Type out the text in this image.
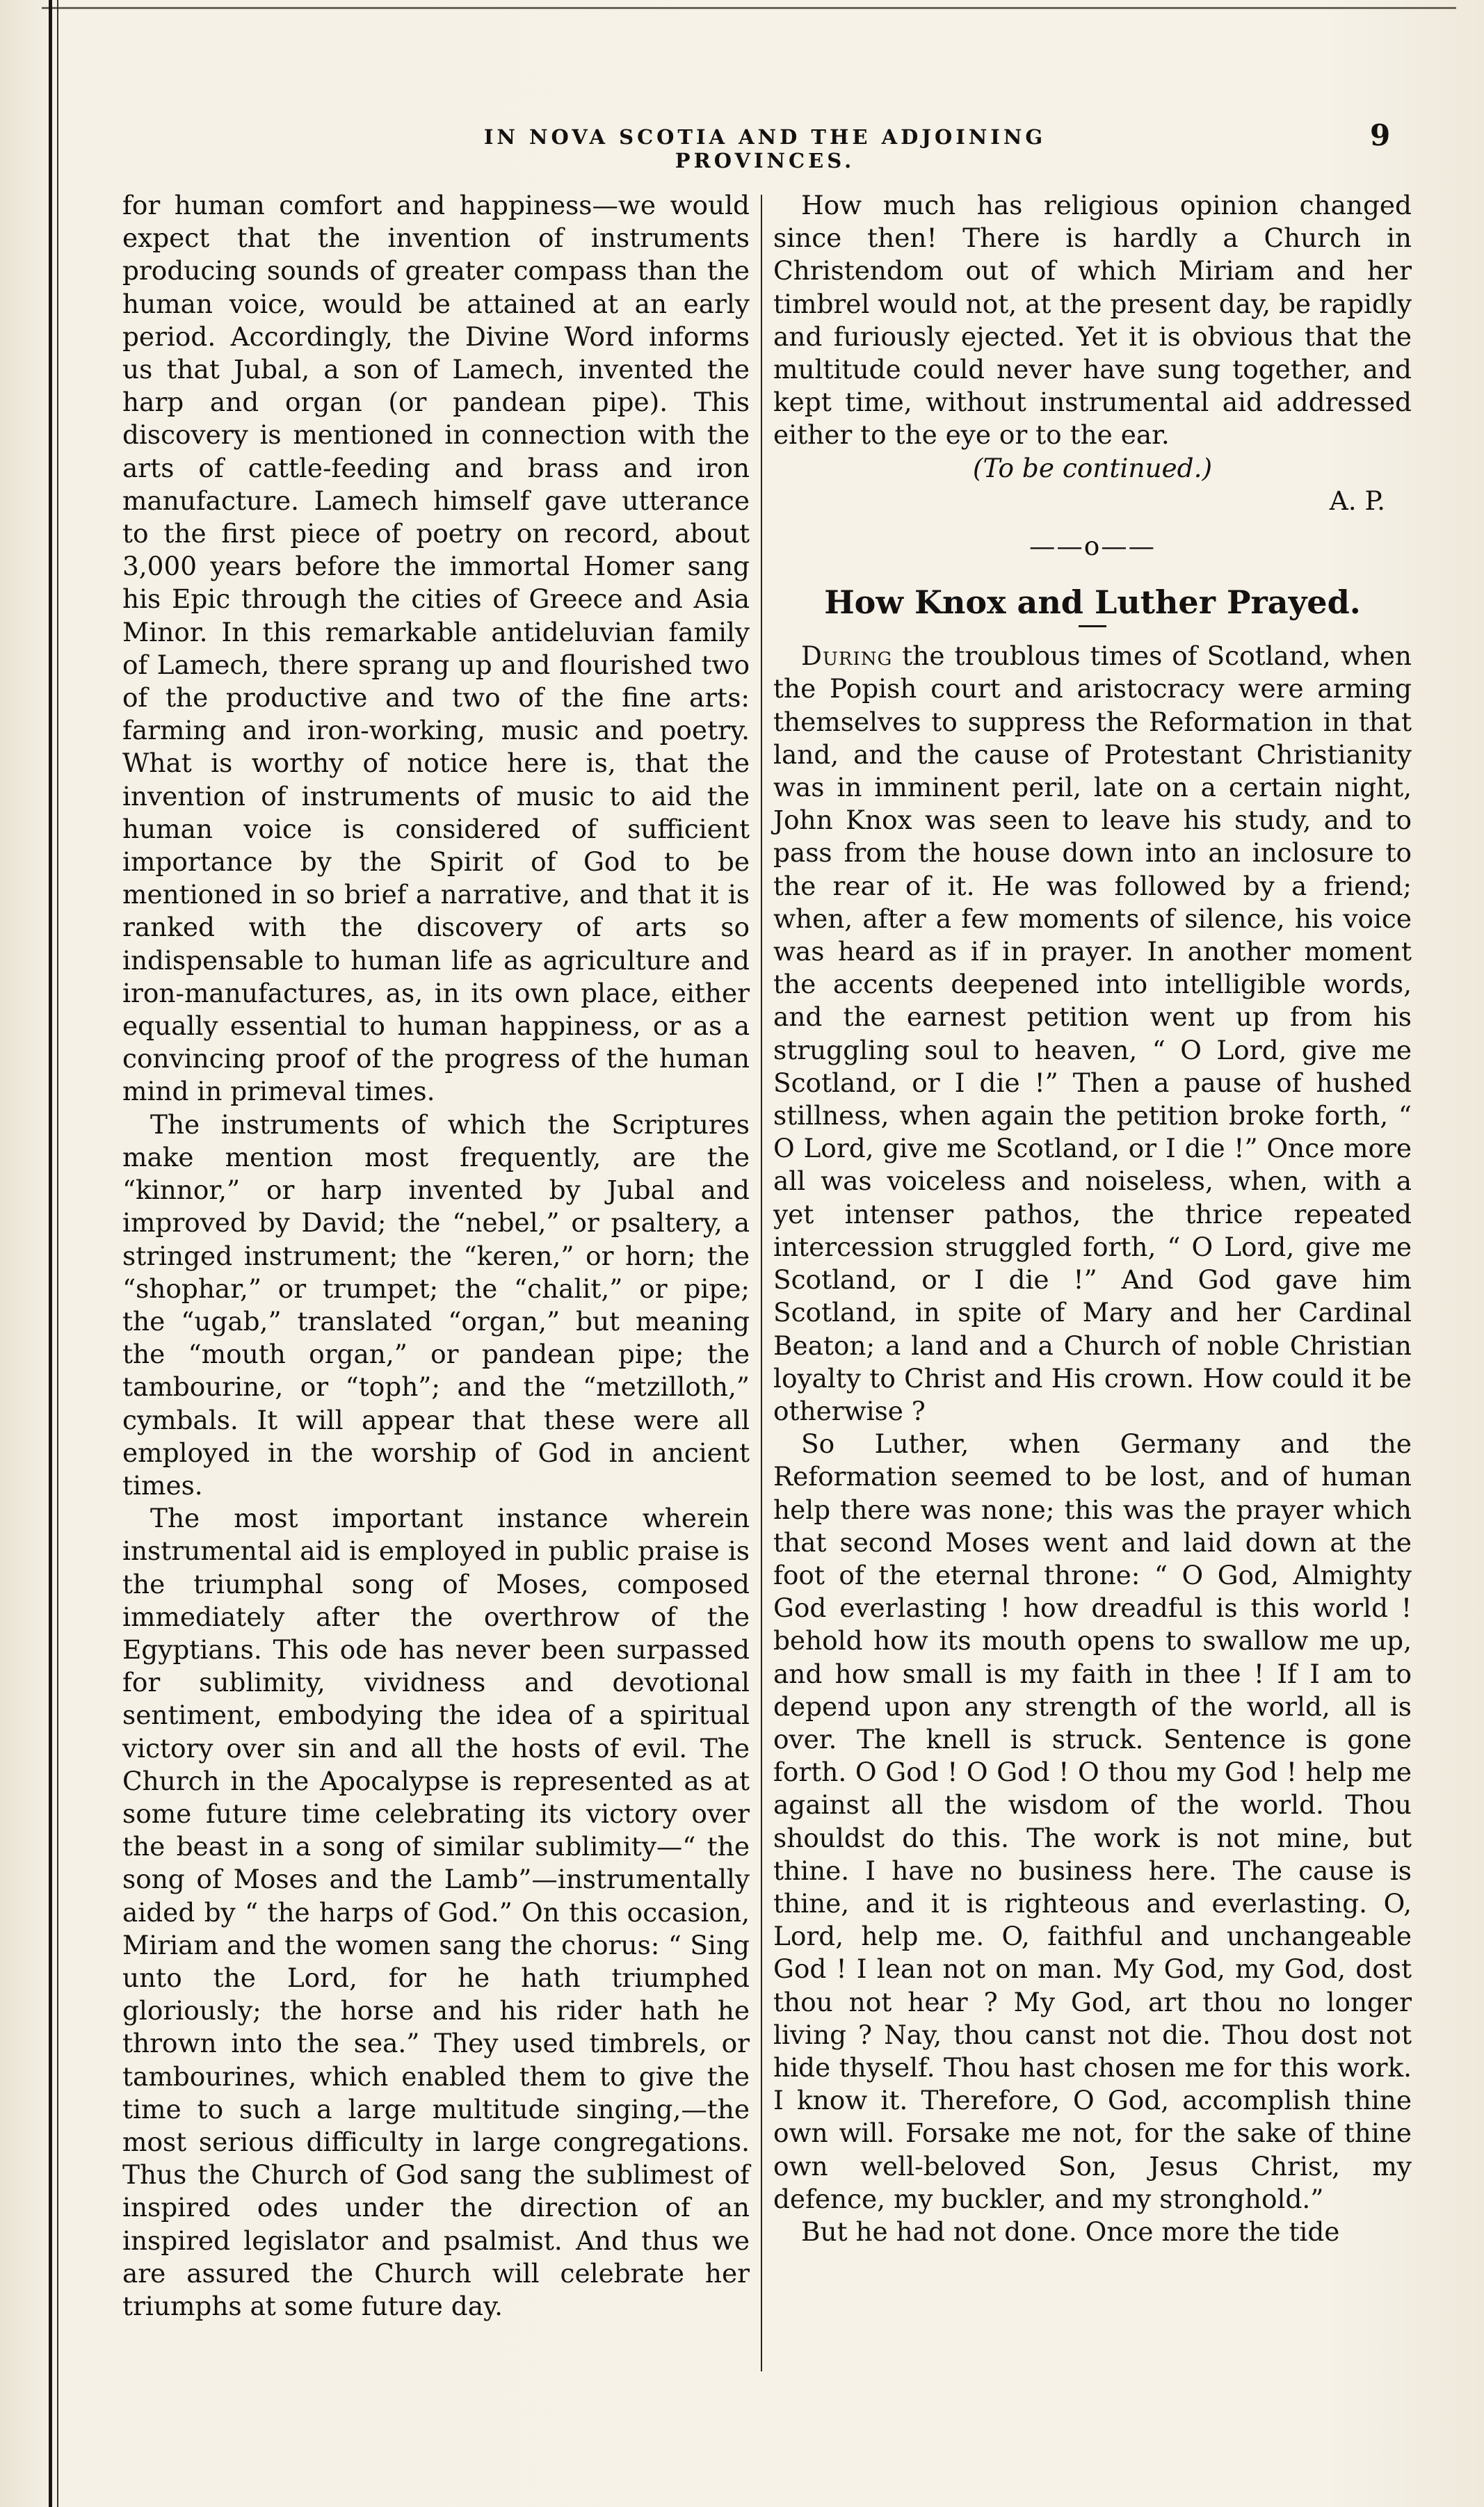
IN NOVA SCOTIA AND THE ADJOINING PROVINCES.
9

for human comfort and happiness—we would expect that the invention of instruments producing sounds of greater compass than the human voice, would be attained at an early period. Accordingly, the Divine Word informs us that Jubal, a son of Lamech, invented the harp and organ (or pandean pipe). This discovery is mentioned in connection with the arts of cattle-feeding and brass and iron manufacture. Lamech himself gave utterance to the first piece of poetry on record, about 3,000 years before the immortal Homer sang his Epic through the cities of Greece and Asia Minor. In this remarkable antideluvian family of Lamech, there sprang up and flourished two of the productive and two of the fine arts: farming and iron-working, music and poetry. What is worthy of notice here is, that the invention of instruments of music to aid the human voice is considered of sufficient importance by the Spirit of God to be mentioned in so brief a narrative, and that it is ranked with the discovery of arts so indispensable to human life as agriculture and iron-manufactures, as, in its own place, either equally essential to human happiness, or as a convincing proof of the progress of the human mind in primeval times.

The instruments of which the Scriptures make mention most frequently, are the “kinnor,” or harp invented by Jubal and improved by David; the “nebel,” or psaltery, a stringed instrument; the “keren,” or horn; the “shophar,” or trumpet; the “chalit,” or pipe; the “ugab,” translated “organ,” but meaning the “mouth organ,” or pandean pipe; the tambourine, or “toph”; and the “metzilloth,” cymbals. It will appear that these were all employed in the worship of God in ancient times.

The most important instance wherein instrumental aid is employed in public praise is the triumphal song of Moses, composed immediately after the overthrow of the Egyptians. This ode has never been surpassed for sublimity, vividness and devotional sentiment, embodying the idea of a spiritual victory over sin and all the hosts of evil. The Church in the Apocalypse is represented as at some future time celebrating its victory over the beast in a song of similar sublimity—“ the song of Moses and the Lamb”—instrumentally aided by “ the harps of God.” On this occasion, Miriam and the women sang the chorus: “ Sing unto the Lord, for he hath triumphed gloriously; the horse and his rider hath he thrown into the sea.” They used timbrels, or tambourines, which enabled them to give the time to such a large multitude singing,—the most serious difficulty in large congregations. Thus the Church of God sang the sublimest of inspired odes under the direction of an inspired legislator and psalmist. And thus we are assured the Church will celebrate her triumphs at some future day.

How much has religious opinion changed since then! There is hardly a Church in Christendom out of which Miriam and her timbrel would not, at the present day, be rapidly and furiously ejected. Yet it is obvious that the multitude could never have sung together, and kept time, without instrumental aid addressed either to the eye or to the ear.

(To be continued.)

A. P.

——o——
How Knox and Luther Prayed.

During the troublous times of Scotland, when the Popish court and aristocracy were arming themselves to suppress the Reformation in that land, and the cause of Protestant Christianity was in imminent peril, late on a certain night, John Knox was seen to leave his study, and to pass from the house down into an inclosure to the rear of it. He was followed by a friend; when, after a few moments of silence, his voice was heard as if in prayer. In another moment the accents deepened into intelligible words, and the earnest petition went up from his struggling soul to heaven, “ O Lord, give me Scotland, or I die !” Then a pause of hushed stillness, when again the petition broke forth, “ O Lord, give me Scotland, or I die !” Once more all was voiceless and noiseless, when, with a yet intenser pathos, the thrice repeated intercession struggled forth, “ O Lord, give me Scotland, or I die !” And God gave him Scotland, in spite of Mary and her Cardinal Beaton; a land and a Church of noble Christian loyalty to Christ and His crown. How could it be otherwise ?

So Luther, when Germany and the Reformation seemed to be lost, and of human help there was none; this was the prayer which that second Moses went and laid down at the foot of the eternal throne: “ O God, Almighty God everlasting ! how dreadful is this world ! behold how its mouth opens to swallow me up, and how small is my faith in thee ! If I am to depend upon any strength of the world, all is over. The knell is struck. Sentence is gone forth. O God ! O God ! O thou my God ! help me against all the wisdom of the world. Thou shouldst do this. The work is not mine, but thine. I have no business here. The cause is thine, and it is righteous and everlasting. O, Lord, help me. O, faithful and unchangeable God ! I lean not on man. My God, my God, dost thou not hear ? My God, art thou no longer living ? Nay, thou canst not die. Thou dost not hide thyself. Thou hast chosen me for this work. I know it. Therefore, O God, accomplish thine own will. Forsake me not, for the sake of thine own well-beloved Son, Jesus Christ, my defence, my buckler, and my stronghold.”

But he had not done. Once more the tide
